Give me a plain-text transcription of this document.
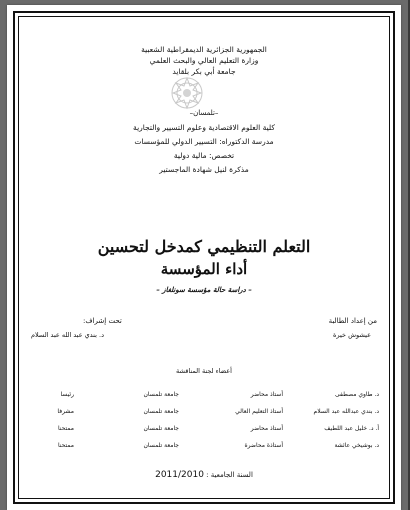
الجمهورية الجزائرية الديمقراطية الشعبية
وزارة التعليم العالي والبحث العلمي
جامعة أبي بكر بلقايد
–تلمسان–
كلية العلوم الاقتصادية وعلوم التسيير والتجارية
مدرسة الدكتوراه: التسيير الدولي للمؤسسات
تخصص: مالية دولية
مذكرة لنيل شهادة الماجستير
التعلم التنظيمي كمدخل لتحسين
أداء المؤسسة
– دراسة حالة مؤسسة سونلغاز –
من إعداد الطالبة
عيشوش خيرة
تحت إشراف:
د. بندي عبد الله عبد السلام
أعضاء لجنة المناقشة
د. طاوي مصطفى
أستاذ محاضر
جامعة تلمسان
رئيسا
د. بندي عبدالله عبد السلام
أستاذ التعليم العالي
جامعة تلمسان
مشرفا
أ. د. خليل عبد اللطيف
أستاذ محاضر
جامعة تلمسان
ممتحنا
د. بوشيخي عائشة
أستاذة محاضرة
جامعة تلمسان
ممتحنا
السنة الجامعية : 2011/2010
